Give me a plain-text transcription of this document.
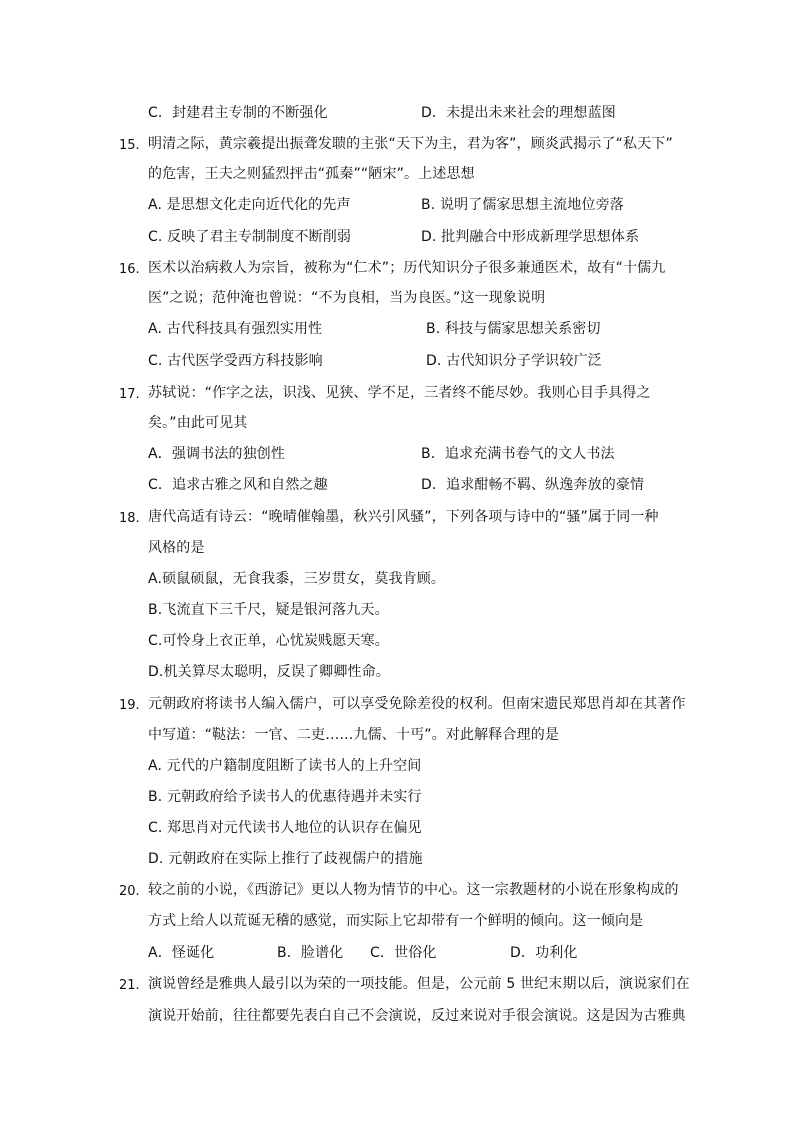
C．封建君主专制的不断强化	D．未提出未来社会的理想蓝图
15. 明清之际，黄宗羲提出振聋发聩的主张“天下为主，君为客”，顾炎武揭示了“私天下”
的危害，王夫之则猛烈抨击“孤秦”“陋宋”。上述思想
A. 是思想文化走向近代化的先声	B. 说明了儒家思想主流地位旁落
C. 反映了君主专制制度不断削弱	D. 批判融合中形成新理学思想体系
16. 医术以治病救人为宗旨，被称为“仁术”；历代知识分子很多兼通医术，故有“十儒九
医”之说；范仲淹也曾说：“不为良相，当为良医。”这一现象说明
A. 古代科技具有强烈实用性	B. 科技与儒家思想关系密切
C. 古代医学受西方科技影响	D. 古代知识分子学识较广泛
17. 苏轼说：“作字之法，识浅、见狭、学不足，三者终不能尽妙。我则心目手具得之
矣。”由此可见其
A．强调书法的独创性	B．追求充满书卷气的文人书法
C．追求古雅之风和自然之趣	D．追求酣畅不羁、纵逸奔放的豪情
18. 唐代高适有诗云：“晚晴催翰墨，秋兴引风骚”，下列各项与诗中的“骚”属于同一种
风格的是
A.硕鼠硕鼠，无食我黍，三岁贯女，莫我肯顾。
B.飞流直下三千尺，疑是银河落九天。
C.可怜身上衣正单，心忧炭贱愿天寒。
D.机关算尽太聪明，反误了卿卿性命。
19. 元朝政府将读书人编入儒户，可以享受免除差役的权利。但南宋遗民郑思肖却在其著作
中写道：“鞑法：一官、二吏……九儒、十丐”。对此解释合理的是
A. 元代的户籍制度阻断了读书人的上升空间
B. 元朝政府给予读书人的优惠待遇并未实行
C. 郑思肖对元代读书人地位的认识存在偏见
D. 元朝政府在实际上推行了歧视儒户的措施
20. 较之前的小说，《西游记》更以人物为情节的中心。这一宗教题材的小说在形象构成的
方式上给人以荒诞无稽的感觉，而实际上它却带有一个鲜明的倾向。这一倾向是
A．怪诞化	B．脸谱化 C．世俗化	D．功利化
21. 演说曾经是雅典人最引以为荣的一项技能。但是，公元前 5 世纪末期以后，演说家们在
演说开始前，往往都要先表白自己不会演说，反过来说对手很会演说。这是因为古雅典
